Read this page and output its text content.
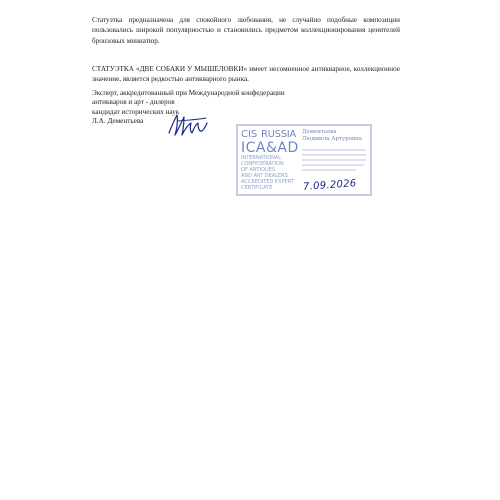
Статуэтка предназначена для спокойного любования, не случайно подобные композиции пользовались широкой популярностью и становились предметом коллекционирования ценителей бронзовых миниатюр.

СТАТУЭТКА «ДВЕ СОБАКИ У МЫШЕЛОВКИ» имеет несомненное антикварное, коллекционное значение, является редкостью антикварного рынка.

Эксперт, аккредитованный при Международной конфедерации
антикваров и арт - дилеров
кандидат исторических наук
Л.А. Дементьева
CIS RUSSIA
ICA&AD
INTERNATIONAL
CONFEDERATION
OF ANTIQUES
AND ART DEALERS
ACCREDITED EXPERT
CERTIFICATE
Дементьева
Людмила Артуровна
7.09.2026
